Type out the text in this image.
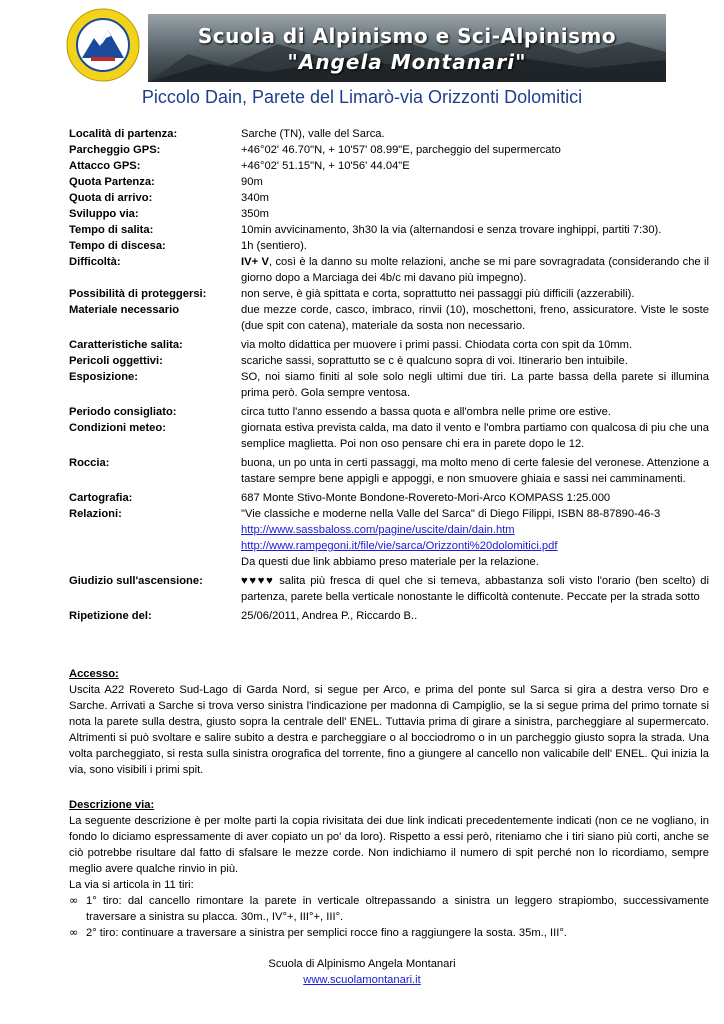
Scuola di Alpinismo e Sci-Alpinismo
"Angela Montanari"
Piccolo Dain, Parete del Limarò-via Orizzonti Dolomitici
Località di partenza:	Sarche (TN), valle del Sarca.
Parcheggio GPS:	+46°02' 46.70"N, + 10'57' 08.99"E, parcheggio del supermercato
Attacco GPS:	+46°02' 51.15"N, + 10'56' 44.04"E
Quota Partenza:	90m
Quota di arrivo:	340m
Sviluppo via:	350m
Tempo di salita:	10min avvicinamento, 3h30 la via (alternandosi e senza trovare inghippi, partiti 7:30).
Tempo di discesa:	1h (sentiero).
Difficoltà:	IV+ V, così è la danno su molte relazioni, anche se mi pare sovragradata (considerando che il giorno dopo a Marciaga dei 4b/c mi davano più impegno).
Possibilità di proteggersi:	non serve, è già spittata e corta, soprattutto nei passaggi più difficili (azzerabili).
Materiale necessario	due mezze corde, casco, imbraco, rinvii (10), moschettoni, freno, assicuratore. Viste le soste (due spit con catena), materiale da sosta non necessario.
Caratteristiche salita:	via molto didattica per muovere i primi passi. Chiodata corta con spit da 10mm.
Pericoli oggettivi:	scariche sassi, soprattutto se c è qualcuno sopra di voi. Itinerario ben intuibile.
Esposizione:	SO, noi siamo finiti al sole solo negli ultimi due tiri. La parte bassa della parete si illumina prima però. Gola sempre ventosa.
Periodo consigliato:	circa tutto l'anno essendo a bassa quota e all'ombra nelle prime ore estive.
Condizioni meteo:	giornata estiva prevista calda, ma dato il vento e l'ombra partiamo con qualcosa di piu che una semplice maglietta. Poi non oso pensare chi era in parete dopo le 12.
Roccia:	buona, un po unta in certi passaggi, ma molto meno di certe falesie del veronese. Attenzione a tastare sempre bene appigli e appoggi, e non smuovere ghiaia e sassi nei camminamenti.
Cartografia:	687 Monte Stivo-Monte Bondone-Rovereto-Mori-Arco KOMPASS 1:25.000
Relazioni:	"Vie classiche e moderne nella Valle del Sarca" di Diego Filippi, ISBN 88-87890-46-3
http://www.sassbaloss.com/pagine/uscite/dain/dain.htm
http://www.rampegoni.it/file/vie/sarca/Orizzonti%20dolomitici.pdf
Da questi due link abbiamo preso materiale per la relazione.
Giudizio sull'ascensione:	♥♥♥♥ salita più fresca di quel che si temeva, abbastanza soli visto l'orario (ben scelto) di partenza, parete bella verticale nonostante le difficoltà contenute. Peccate per la strada sotto
Ripetizione del:	25/06/2011, Andrea P., Riccardo B..
Accesso:

Uscita A22 Rovereto Sud-Lago di Garda Nord, si segue per Arco, e prima del ponte sul Sarca si gira a destra verso Dro e Sarche. Arrivati a Sarche si trova verso sinistra l'indicazione per madonna di Campiglio, se la si segue prima del primo tornate si nota la parete sulla destra, giusto sopra la centrale dell' ENEL. Tuttavia prima di girare a sinistra, parcheggiare al supermercato. Altrimenti si può svoltare e salire subito a destra e parcheggiare o al bocciodromo o in un parcheggio giusto sopra la strada. Una volta parcheggiato, si resta sulla sinistra orografica del torrente, fino a giungere al cancello non valicabile dell' ENEL. Qui inizia la via, sono visibili i primi spit.

Descrizione via:

La seguente descrizione è per molte parti la copia rivisitata dei due link indicati precedentemente indicati (non ce ne vogliano, in fondo lo diciamo espressamente di aver copiato un po' da loro). Rispetto a essi però, riteniamo che i tiri siano più corti, anche se ciò potrebbe risultare dal fatto di sfalsare le mezze corde. Non indichiamo il numero di spit perché non lo ricordiamo, sempre meglio avere qualche rinvio in più.

La via si articola in 11 tiri:

∞ 1° tiro: dal cancello rimontare la parete in verticale oltrepassando a sinistra un leggero strapiombo, successivamente traversare a sinistra su placca. 30m., IV°+, III°+, III°.
∞ 2° tiro: continuare a traversare a sinistra per semplici rocce fino a raggiungere la sosta. 35m., III°.
Scuola di Alpinismo Angela Montanari
www.scuolamontanari.it
